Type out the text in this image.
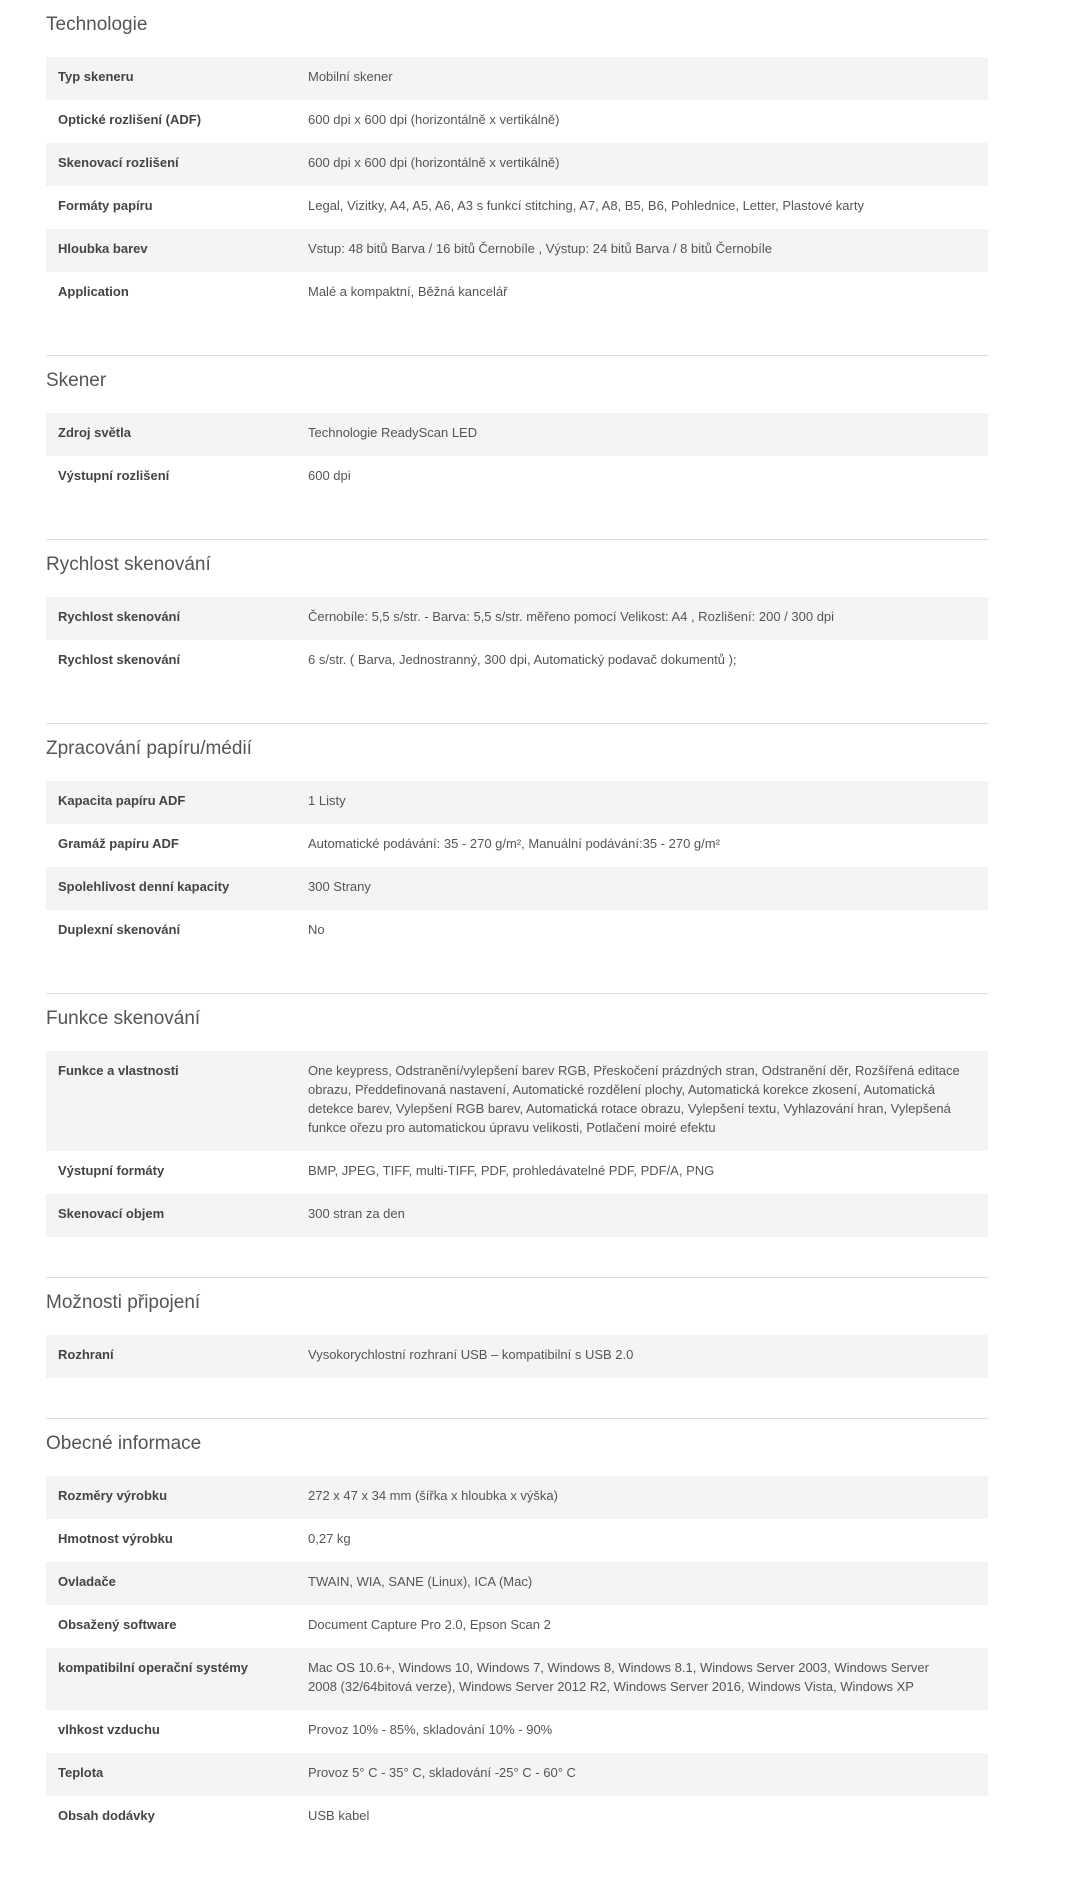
Technologie
Typ skeneru	Mobilní skener
Optické rozlišení (ADF)	600 dpi x 600 dpi (horizontálně x vertikálně)
Skenovací rozlišení	600 dpi x 600 dpi (horizontálně x vertikálně)
Formáty papíru	Legal, Vizitky, A4, A5, A6, A3 s funkcí stitching, A7, A8, B5, B6, Pohlednice, Letter, Plastové karty
Hloubka barev	Vstup: 48 bitů Barva / 16 bitů Černobíle , Výstup: 24 bitů Barva / 8 bitů Černobíle
Application	Malé a kompaktní, Běžná kancelář
Skener
Zdroj světla	Technologie ReadyScan LED
Výstupní rozlišení	600 dpi
Rychlost skenování
Rychlost skenování	Černobíle: 5,5 s/str. - Barva: 5,5 s/str. měřeno pomocí Velikost: A4 , Rozlišení: 200 / 300 dpi
Rychlost skenování	6 s/str. ( Barva, Jednostranný, 300 dpi, Automatický podavač dokumentů );
Zpracování papíru/médií
Kapacita papíru ADF	1 Listy
Gramáž papíru ADF	Automatické podávání: 35 - 270 g/m², Manuální podávání:35 - 270 g/m²
Spolehlivost denní kapacity	300 Strany
Duplexní skenování	No
Funkce skenování
Funkce a vlastnosti	One keypress, Odstranění/vylepšení barev RGB, Přeskočení prázdných stran, Odstranění děr, Rozšířená editace obrazu, Předdefinovaná nastavení, Automatické rozdělení plochy, Automatická korekce zkosení, Automatická detekce barev, Vylepšení RGB barev, Automatická rotace obrazu, Vylepšení textu, Vyhlazování hran, Vylepšená funkce ořezu pro automatickou úpravu velikosti, Potlačení moiré efektu
Výstupní formáty	BMP, JPEG, TIFF, multi-TIFF, PDF, prohledávatelné PDF, PDF/A, PNG
Skenovací objem	300 stran za den
Možnosti připojení
Rozhraní	Vysokorychlostní rozhraní USB – kompatibilní s USB 2.0
Obecné informace
Rozměry výrobku	272 x 47 x 34 mm (šířka x hloubka x výška)
Hmotnost výrobku	0,27 kg
Ovladače	TWAIN, WIA, SANE (Linux), ICA (Mac)
Obsažený software	Document Capture Pro 2.0, Epson Scan 2
kompatibilní operační systémy	Mac OS 10.6+, Windows 10, Windows 7, Windows 8, Windows 8.1, Windows Server 2003, Windows Server 2008 (32/64bitová verze), Windows Server 2012 R2, Windows Server 2016, Windows Vista, Windows XP
vlhkost vzduchu	Provoz 10% - 85%, skladování 10% - 90%
Teplota	Provoz 5° C - 35° C, skladování -25° C - 60° C
Obsah dodávky	USB kabel
